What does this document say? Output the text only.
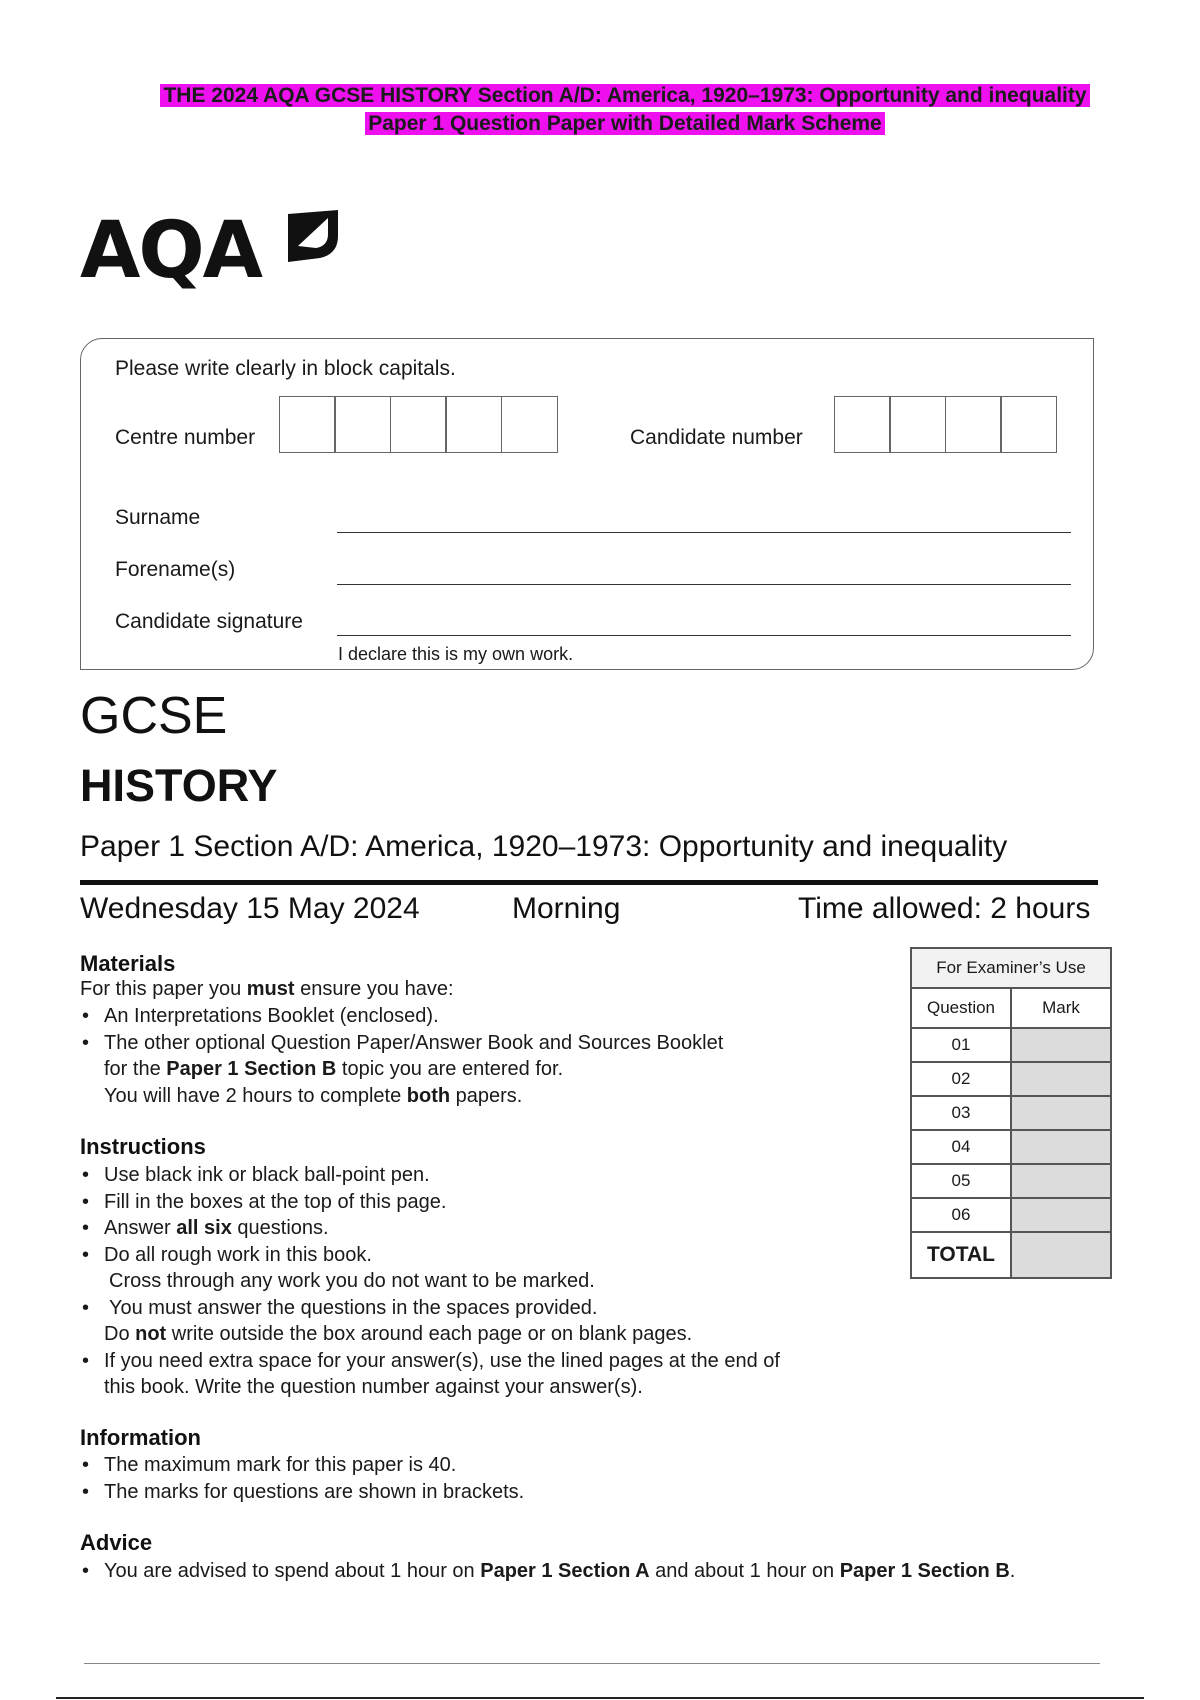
THE 2024 AQA GCSE HISTORY Section A/D: America, 1920–1973: Opportunity and inequality
Paper 1 Question Paper with Detailed Mark Scheme
AQA
Please write clearly in block capitals.
Centre number	Candidate number
Surname
Forename(s)
Candidate signature
I declare this is my own work.
GCSE
HISTORY
Paper 1 Section A/D: America, 1920–1973: Opportunity and inequality
Wednesday 15 May 2024	Morning	Time allowed: 2 hours
Materials
For this paper you must ensure you have:
• An Interpretations Booklet (enclosed).
• The other optional Question Paper/Answer Book and Sources Booklet
for the Paper 1 Section B topic you are entered for.
You will have 2 hours to complete both papers.
Instructions
• Use black ink or black ball-point pen.
• Fill in the boxes at the top of this page.
• Answer all six questions.
• Do all rough work in this book.
Cross through any work you do not want to be marked.
• You must answer the questions in the spaces provided.
Do not write outside the box around each page or on blank pages.
• If you need extra space for your answer(s), use the lined pages at the end of
this book. Write the question number against your answer(s).
Information
• The maximum mark for this paper is 40.
• The marks for questions are shown in brackets.
Advice
• You are advised to spend about 1 hour on Paper 1 Section A and about 1 hour on Paper 1 Section B.
For Examiner’s Use	
Question	Mark
01	
02	
03	
04	
05	
06	
TOTAL	
